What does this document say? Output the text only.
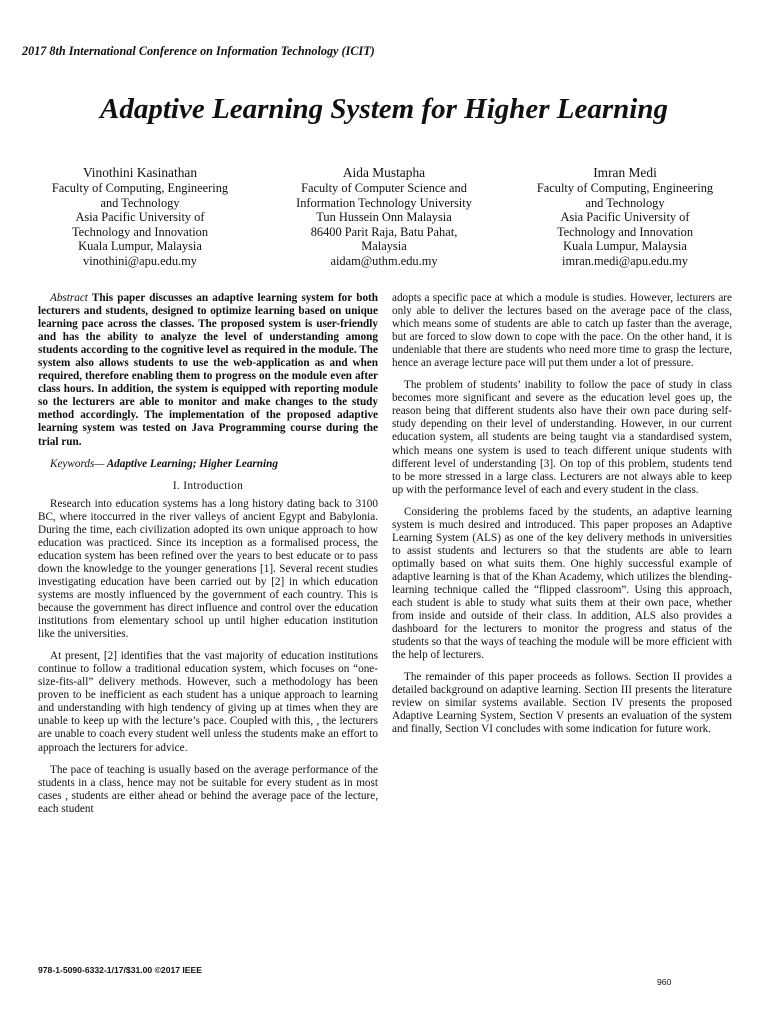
2017 8th International Conference on Information Technology (ICIT)
Adaptive Learning System for Higher Learning
Vinothini Kasinathan
Faculty of Computing, Engineering
and Technology
Asia Pacific University of
Technology and Innovation
Kuala Lumpur, Malaysia
vinothini@apu.edu.my
Aida Mustapha
Faculty of Computer Science and
Information Technology University
Tun Hussein Onn Malaysia
86400 Parit Raja, Batu Pahat,
Malaysia
aidam@uthm.edu.my
Imran Medi
Faculty of Computing, Engineering
and Technology
Asia Pacific University of
Technology and Innovation
Kuala Lumpur, Malaysia
imran.medi@apu.edu.my

Abstract This paper discusses an adaptive learning system for both lecturers and students, designed to optimize learning based on unique learning pace across the classes. The proposed system is user-friendly and has the ability to analyze the level of understanding among students according to the cognitive level as required in the module. The system also allows students to use the web-application as and when required, therefore enabling them to progress on the module even after class hours. In addition, the system is equipped with reporting module so the lecturers are able to monitor and make changes to the study method accordingly. The implementation of the proposed adaptive learning system was tested on Java Programming course during the trial run.

Keywords— Adaptive Learning; Higher Learning

I. Introduction

Research into education systems has a long history dating back to 3100 BC, where itoccurred in the river valleys of ancient Egypt and Babylonia. During the time, each civilization adopted its own unique approach to how education was practiced. Since its inception as a formalised process, the education system has been refined over the years to best educate or to pass down the knowledge to the younger generations [1]. Several recent studies investigating education have been carried out by [2] in which education systems are mostly influenced by the government of each country. This is because the government has direct influence and control over the education institutions from elementary school up until higher education institution like the universities.

At present, [2] identifies that the vast majority of education institutions continue to follow a traditional education system, which focuses on “one-size-fits-all” delivery methods. However, such a methodology has been proven to be inefficient as each student has a unique approach to learning and understanding with high tendency of giving up at times when they are unable to keep up with the lecture’s pace. Coupled with this, , the lecturers are unable to coach every student well unless the students make an effort to approach the lecturers for advice.

The pace of teaching is usually based on the average performance of the students in a class, hence may not be suitable for every student as in most cases , students are either ahead or behind the average pace of the lecture, each student

adopts a specific pace at which a module is studies. However, lecturers are only able to deliver the lectures based on the average pace of the class, which means some of students are able to catch up faster than the average, but are forced to slow down to cope with the pace. On the other hand, it is undeniable that there are students who need more time to grasp the lecture, hence an average lecture pace will put them under a lot of pressure.

The problem of students’ inability to follow the pace of study in class becomes more significant and severe as the education level goes up, the reason being that different students also have their own pace during self-study depending on their level of understanding. However, in our current education system, all students are being taught via a standardised system, which means one system is used to teach different unique students with different level of understanding [3]. On top of this problem, students tend to be more stressed in a large class. Lecturers are not always able to keep up with the performance level of each and every student in the class.

Considering the problems faced by the students, an adaptive learning system is much desired and introduced. This paper proposes an Adaptive Learning System (ALS) as one of the key delivery methods in universities to assist students and lecturers so that the students are able to learn optimally based on what suits them. One highly successful example of adaptive learning is that of the Khan Academy, which utilizes the blending-learning technique called the “flipped classroom”. Using this approach, each student is able to study what suits them at their own pace, whether from inside and outside of their class. In addition, ALS also provides a dashboard for the lecturers to monitor the progress and status of the students so that the ways of teaching the module will be more efficient with the help of lecturers.

The remainder of this paper proceeds as follows. Section II provides a detailed background on adaptive learning. Section III presents the literature review on similar systems available. Section IV presents the proposed Adaptive Learning System, Section V presents an evaluation of the system and finally, Section VI concludes with some indication for future work.

978-1-5090-6332-1/17/$31.00 ©2017 IEEE
960
